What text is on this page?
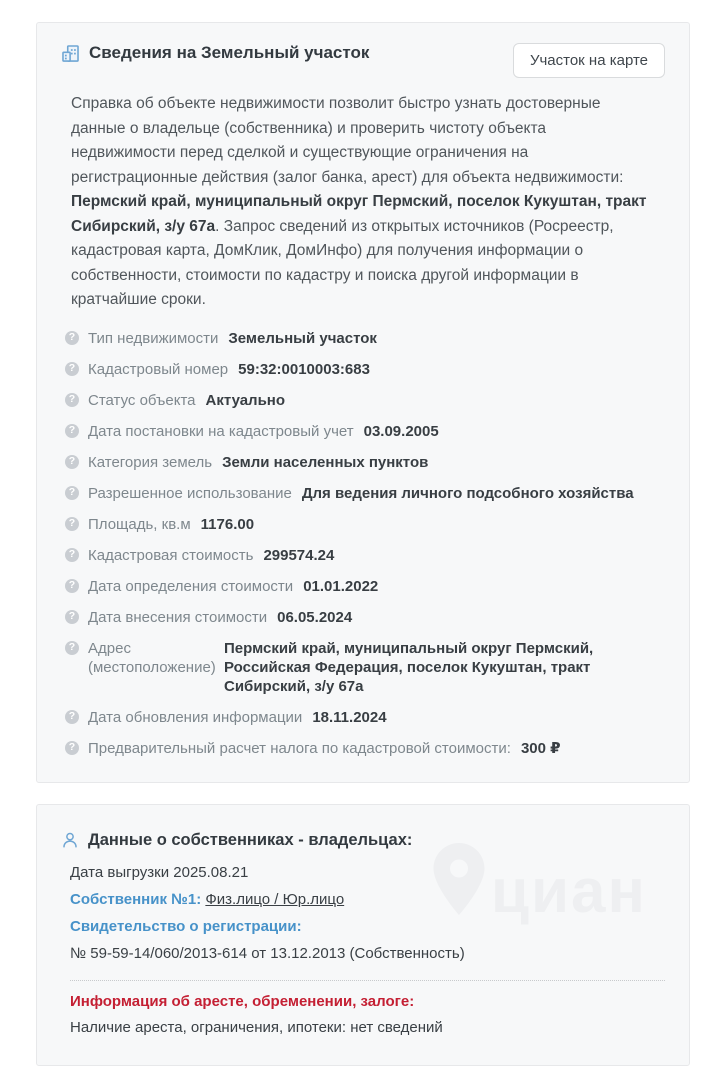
Сведения на Земельный участок	Участок на карте

Справка об объекте недвижимости позволит быстро узнать достоверные данные о владельце (собственника) и проверить чистоту объекта недвижимости перед сделкой и существующие ограничения на регистрационные действия (залог банка, арест) для объекта недвижимости: Пермский край, муниципальный округ Пермский, поселок Кукуштан, тракт Сибирский, з/у 67а. Запрос сведений из открытых источников (Росреестр, кадастровая карта, ДомКлик, ДомИнфо) для получения информации о собственности, стоимости по кадастру и поиска другой информации в кратчайшие сроки.

?
Тип недвижимости Земельный участок
?
Кадастровый номер 59:32:0010003:683
?
Статус объекта Актуально
?
Дата постановки на кадастровый учет 03.09.2005
?
Категория земель Земли населенных пунктов
?
Разрешенное использование Для ведения личного подсобного хозяйства
?
Площадь, кв.м 1176.00
?
Кадастровая стоимость 299574.24
?
Дата определения стоимости 01.01.2022
?
Дата внесения стоимости 06.05.2024
?
Адрес (местоположение)
Пермский край, муниципальный округ Пермский, Российская Федерация, поселок Кукуштан, тракт Сибирский, з/у 67а
?
Дата обновления информации 18.11.2024
?
Предварительный расчет налога по кадастровой стоимости: 300 ₽
Данные о собственниках - владельцах:
Дата выгрузки 2025.08.21
Собственник №1: Физ.лицо / Юр.лицо
Свидетельство о регистрации:
№ 59-59-14/060/2013-614 от 13.12.2013 (Собственность)
Информация об аресте, обременении, залоге:
Наличие ареста, ограничения, ипотеки: нет сведений
